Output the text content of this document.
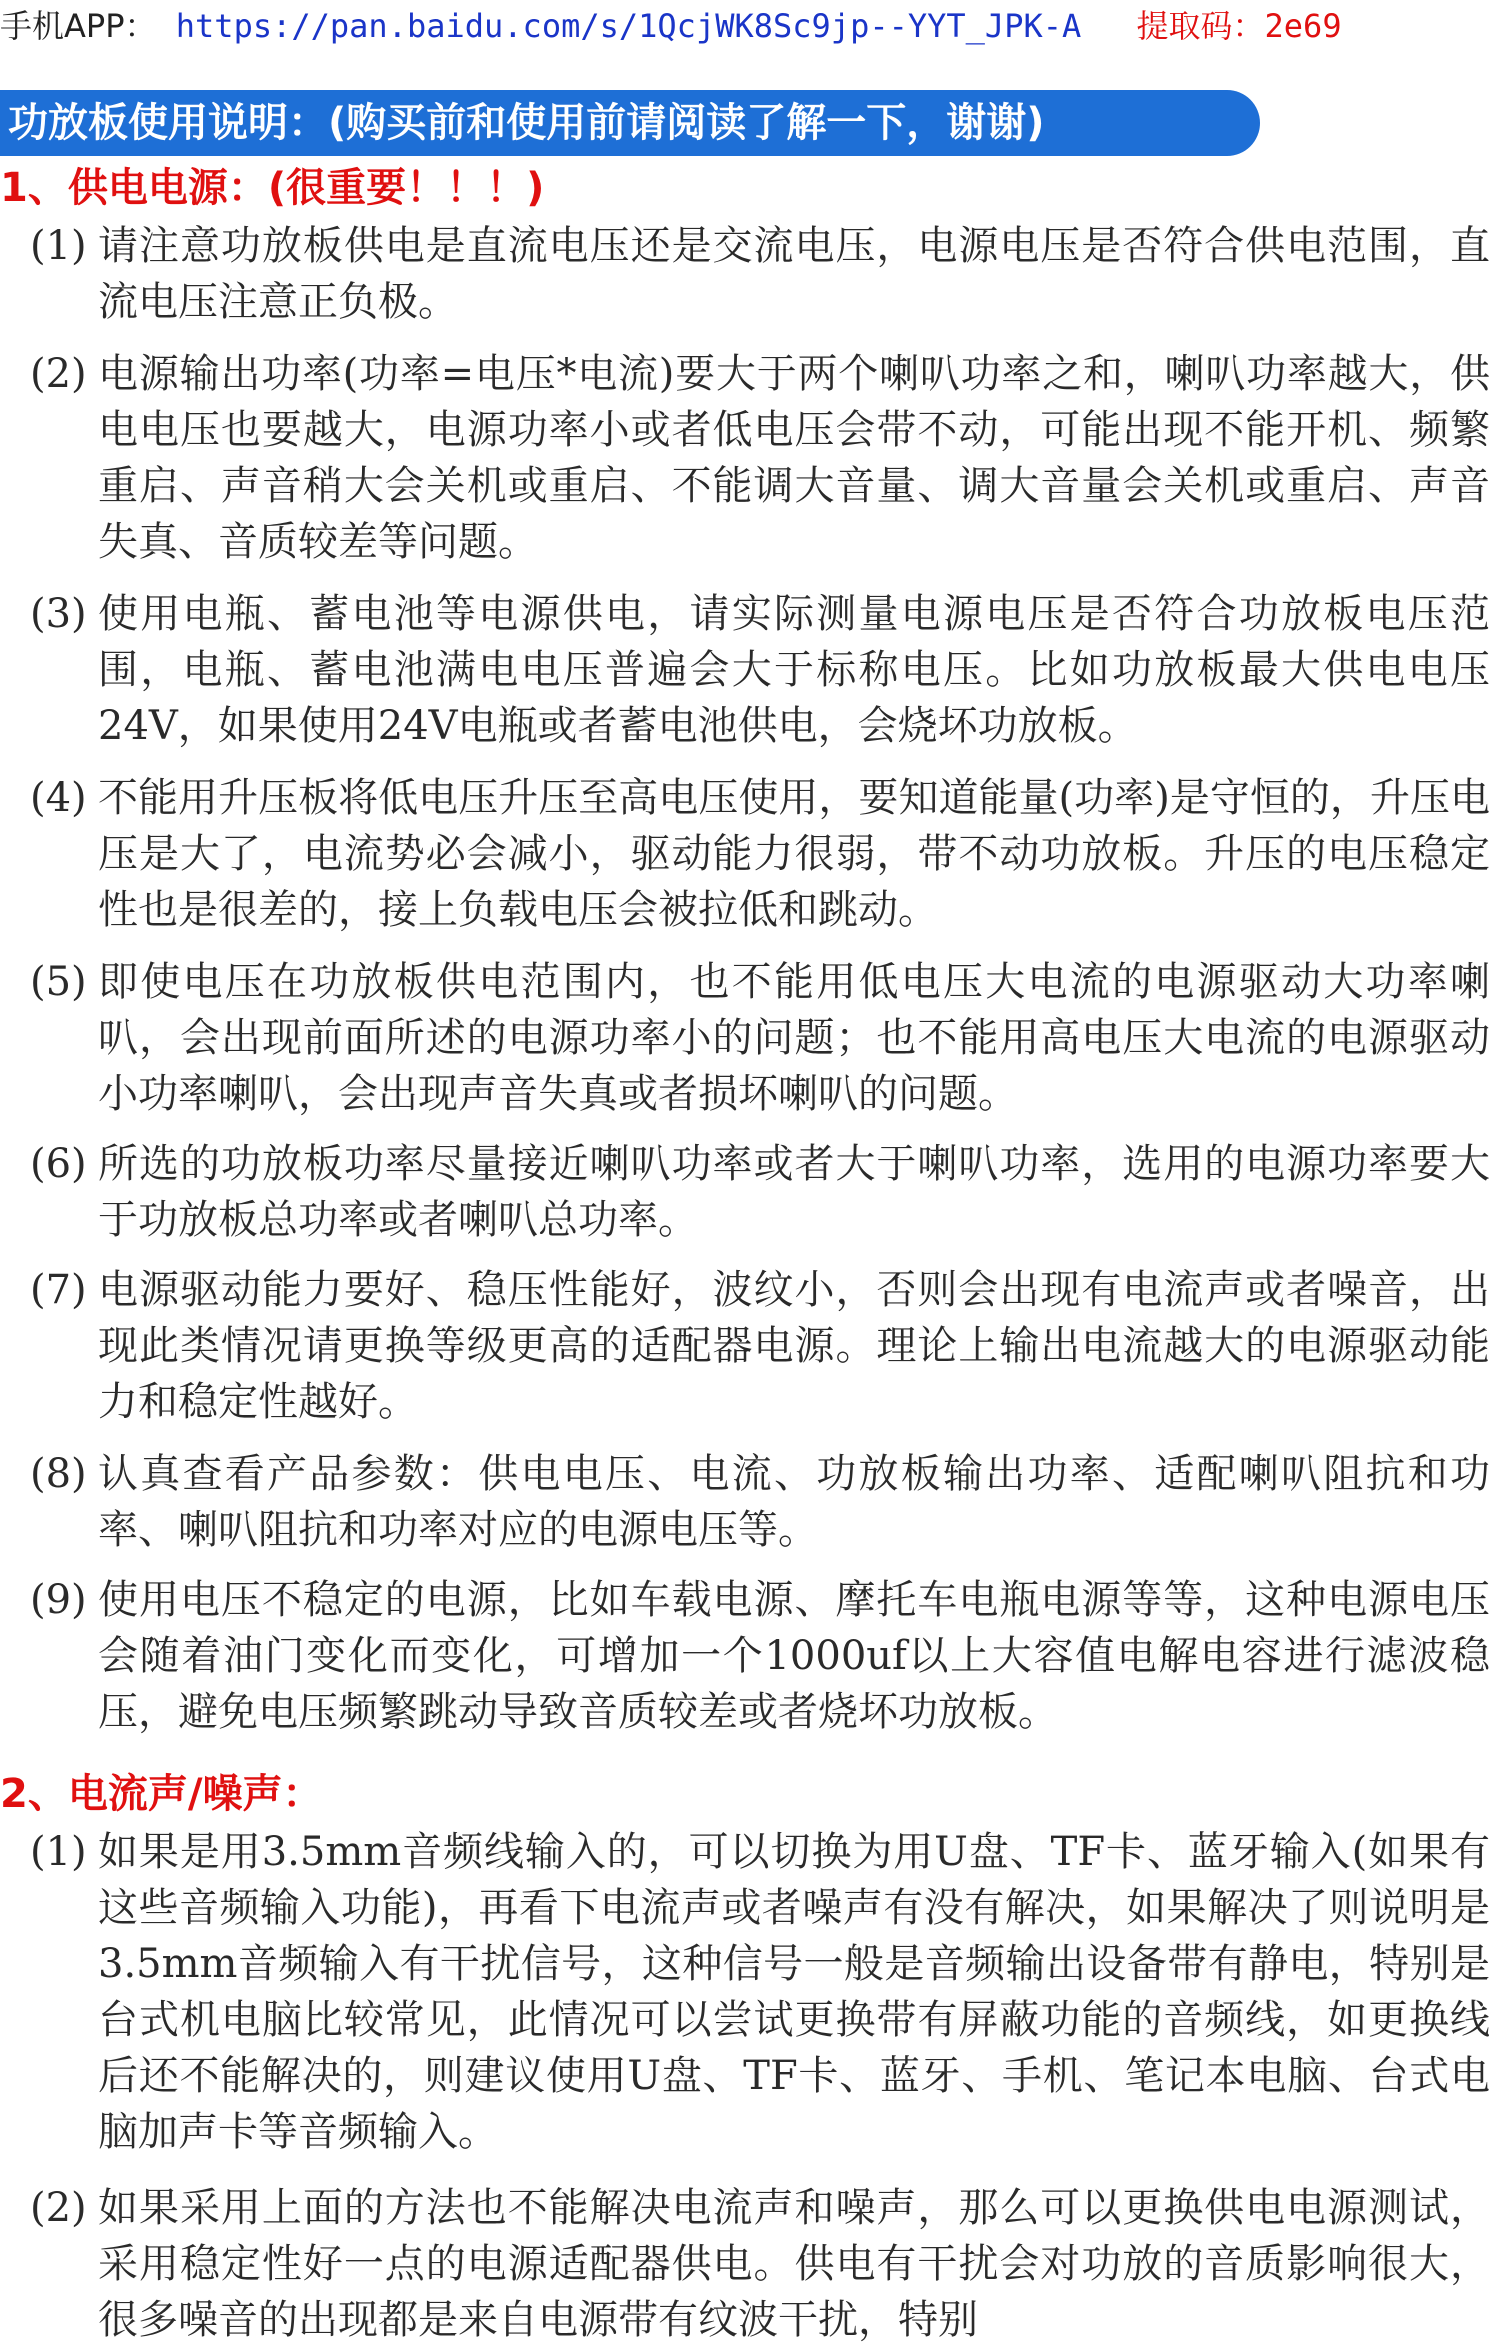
手机APP： https://pan.baidu.com/s/1QcjWK8Sc9jp--YYT_JPK-A 提取码：2e69
功放板使用说明：(购买前和使用前请阅读了解一下，谢谢)
1、供电电源：(很重要！！！)
(1) 请注意功放板供电是直流电压还是交流电压，电源电压是否符合供电范围，直流电压注意正负极。
(2) 电源输出功率(功率=电压*电流)要大于两个喇叭功率之和，喇叭功率越大，供电电压也要越大，电源功率小或者低电压会带不动，可能出现不能开机、频繁重启、声音稍大会关机或重启、不能调大音量、调大音量会关机或重启、声音失真、音质较差等问题。
(3) 使用电瓶、蓄电池等电源供电，请实际测量电源电压是否符合功放板电压范围，电瓶、蓄电池满电电压普遍会大于标称电压。比如功放板最大供电电压24V，如果使用24V电瓶或者蓄电池供电，会烧坏功放板。
(4) 不能用升压板将低电压升压至高电压使用，要知道能量(功率)是守恒的，升压电压是大了，电流势必会减小，驱动能力很弱，带不动功放板。升压的电压稳定性也是很差的，接上负载电压会被拉低和跳动。
(5) 即使电压在功放板供电范围内，也不能用低电压大电流的电源驱动大功率喇叭，会出现前面所述的电源功率小的问题；也不能用高电压大电流的电源驱动小功率喇叭，会出现声音失真或者损坏喇叭的问题。
(6) 所选的功放板功率尽量接近喇叭功率或者大于喇叭功率，选用的电源功率要大于功放板总功率或者喇叭总功率。
(7) 电源驱动能力要好、稳压性能好，波纹小，否则会出现有电流声或者噪音，出现此类情况请更换等级更高的适配器电源。理论上输出电流越大的电源驱动能力和稳定性越好。
(8) 认真查看产品参数：供电电压、电流、功放板输出功率、适配喇叭阻抗和功率、喇叭阻抗和功率对应的电源电压等。
(9) 使用电压不稳定的电源，比如车载电源、摩托车电瓶电源等等，这种电源电压会随着油门变化而变化，可增加一个1000uf以上大容值电解电容进行滤波稳压，避免电压频繁跳动导致音质较差或者烧坏功放板。
2、电流声/噪声：
(1) 如果是用3.5mm音频线输入的，可以切换为用U盘、TF卡、蓝牙输入(如果有这些音频输入功能)，再看下电流声或者噪声有没有解决，如果解决了则说明是3.5mm音频输入有干扰信号，这种信号一般是音频输出设备带有静电，特别是台式机电脑比较常见，此情况可以尝试更换带有屏蔽功能的音频线，如更换线后还不能解决的，则建议使用U盘、TF卡、蓝牙、手机、笔记本电脑、台式电脑加声卡等音频输入。
(2) 如果采用上面的方法也不能解决电流声和噪声，那么可以更换供电电源测试，采用稳定性好一点的电源适配器供电。供电有干扰会对功放的音质影响很大，很多噪音的出现都是来自电源带有纹波干扰，特别
